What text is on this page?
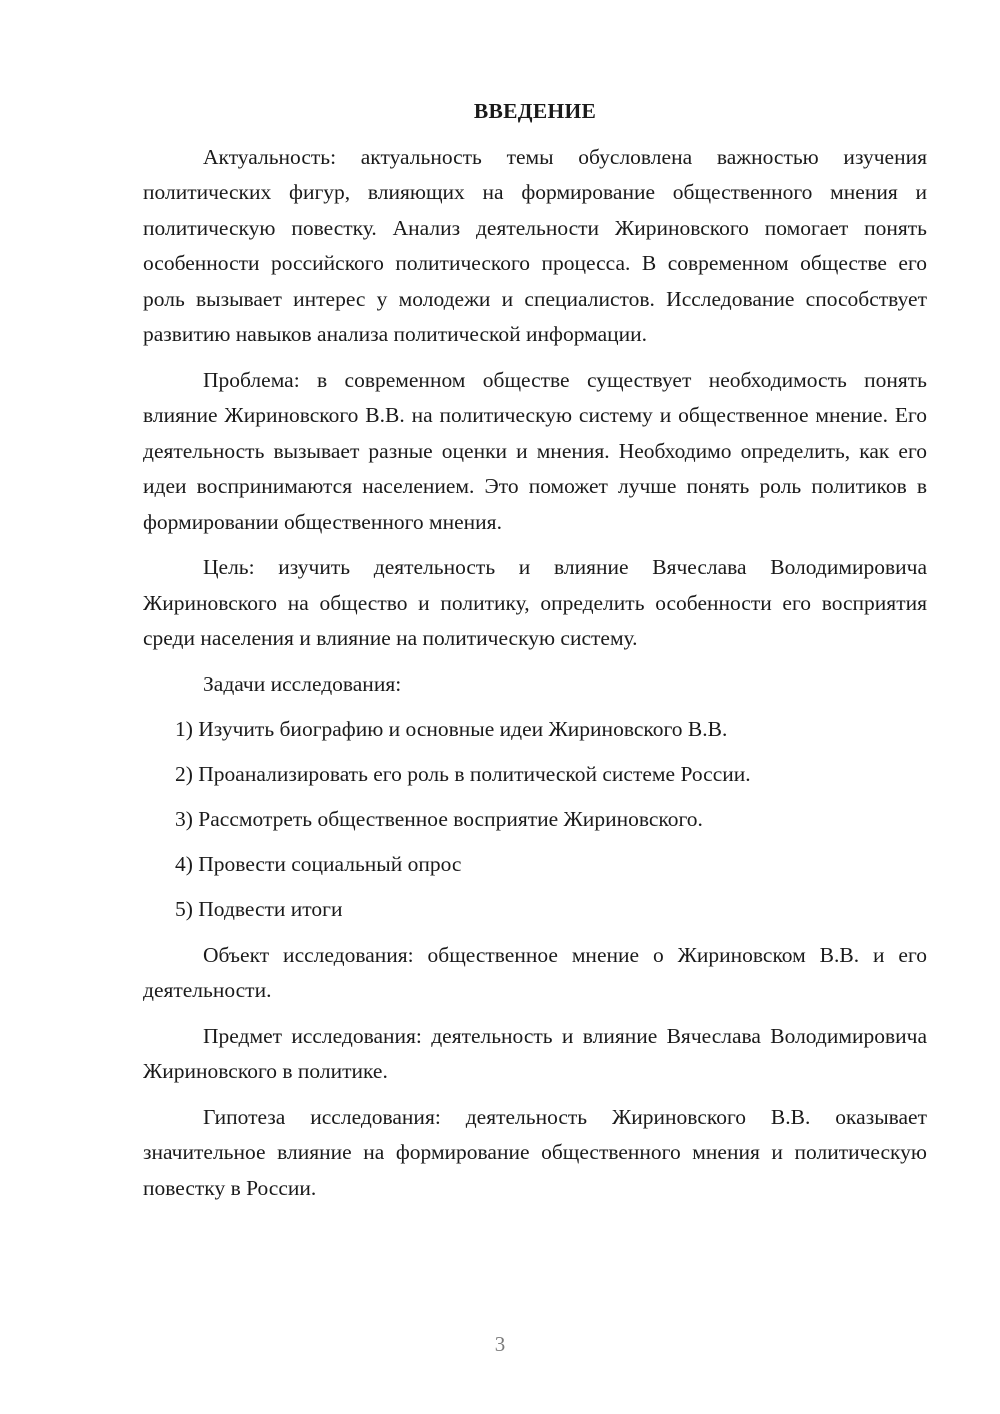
ВВЕДЕНИЕ

Актуальность: актуальность темы обусловлена важностью изучения политических фигур, влияющих на формирование общественного мнения и политическую повестку. Анализ деятельности Жириновского помогает понять особенности российского политического процесса. В современном обществе его роль вызывает интерес у молодежи и специалистов. Исследование способствует развитию навыков анализа политической информации.

Проблема: в современном обществе существует необходимость понять влияние Жириновского В.В. на политическую систему и общественное мнение. Его деятельность вызывает разные оценки и мнения. Необходимо определить, как его идеи воспринимаются населением. Это поможет лучше понять роль политиков в формировании общественного мнения.

Цель: изучить деятельность и влияние Вячеслава Володимировича Жириновского на общество и политику, определить особенности его восприятия среди населения и влияние на политическую систему.

Задачи исследования:

1) Изучить биографию и основные идеи Жириновского В.В.
2) Проанализировать его роль в политической системе России.
3) Рассмотреть общественное восприятие Жириновского.
4) Провести социальный опрос
5) Подвести итоги

Объект исследования: общественное мнение о Жириновском В.В. и его деятельности.

Предмет исследования: деятельность и влияние Вячеслава Володимировича Жириновского в политике.

Гипотеза исследования: деятельность Жириновского В.В. оказывает значительное влияние на формирование общественного мнения и политическую повестку в России.

3
